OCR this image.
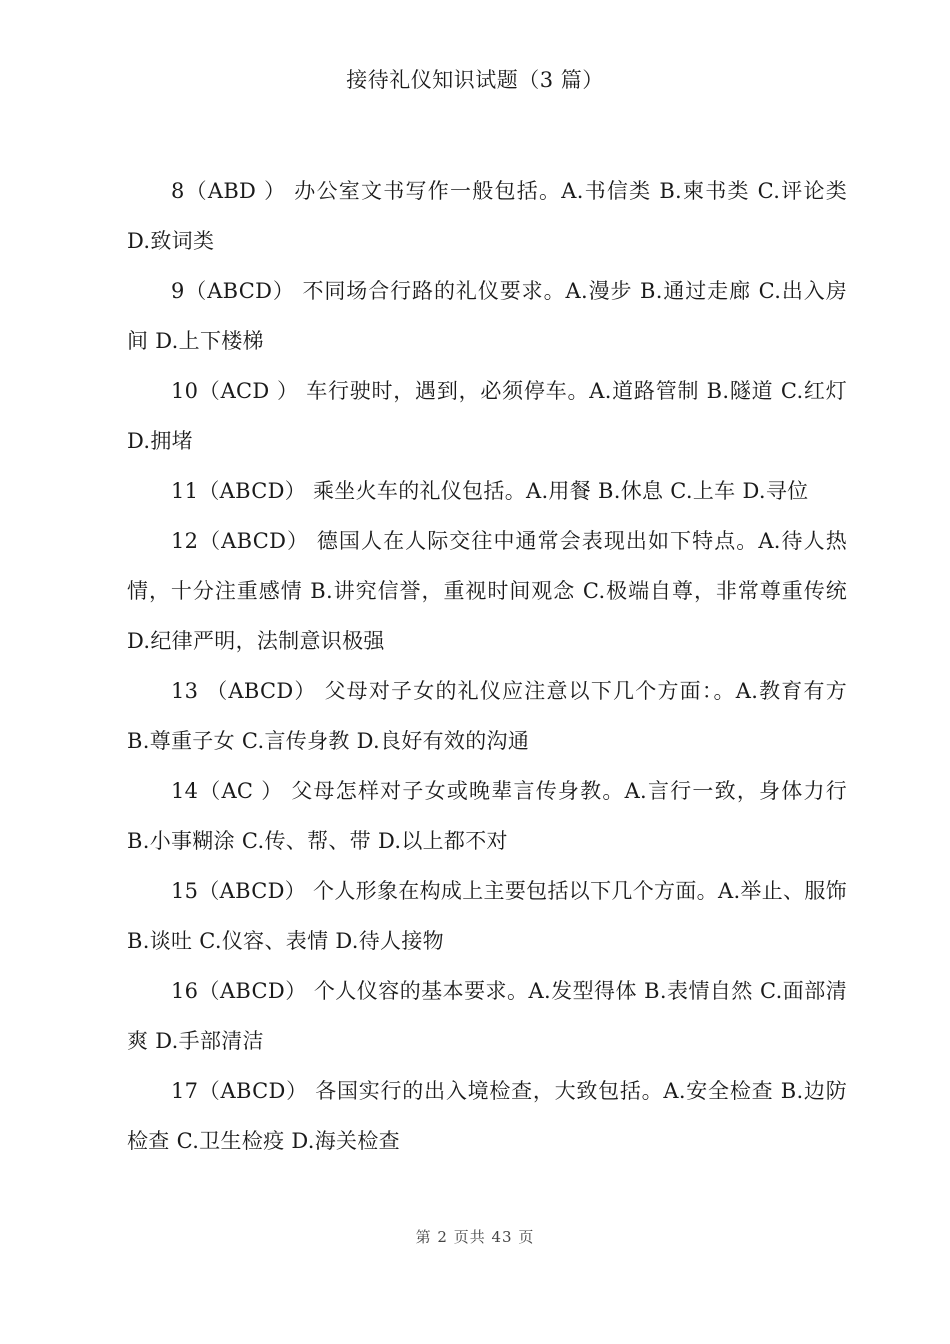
接待礼仪知识试题（3 篇）

8（ABD ） 办公室文书写作一般包括。A.书信类 B.柬书类 C.评论类 D.致词类

9（ABCD） 不同场合行路的礼仪要求。A.漫步 B.通过走廊 C.出入房间 D.上下楼梯

10（ACD ） 车行驶时，遇到，必须停车。A.道路管制 B.隧道 C.红灯 D.拥堵

11（ABCD） 乘坐火车的礼仪包括。A.用餐 B.休息 C.上车 D.寻位

12（ABCD） 德国人在人际交往中通常会表现出如下特点。A.待人热情，十分注重感情 B.讲究信誉，重视时间观念 C.极端自尊，非常尊重传统 D.纪律严明，法制意识极强

13 （ABCD） 父母对子女的礼仪应注意以下几个方面：。A.教育有方 B.尊重子女 C.言传身教 D.良好有效的沟通

14（AC ） 父母怎样对子女或晚辈言传身教。A.言行一致，身体力行 B.小事糊涂 C.传、帮、带 D.以上都不对

15（ABCD） 个人形象在构成上主要包括以下几个方面。A.举止、服饰 B.谈吐 C.仪容、表情 D.待人接物

16（ABCD） 个人仪容的基本要求。A.发型得体 B.表情自然 C.面部清爽 D.手部清洁

17（ABCD） 各国实行的出入境检查，大致包括。A.安全检查 B.边防检查 C.卫生检疫 D.海关检查

第 2 页共 43 页
